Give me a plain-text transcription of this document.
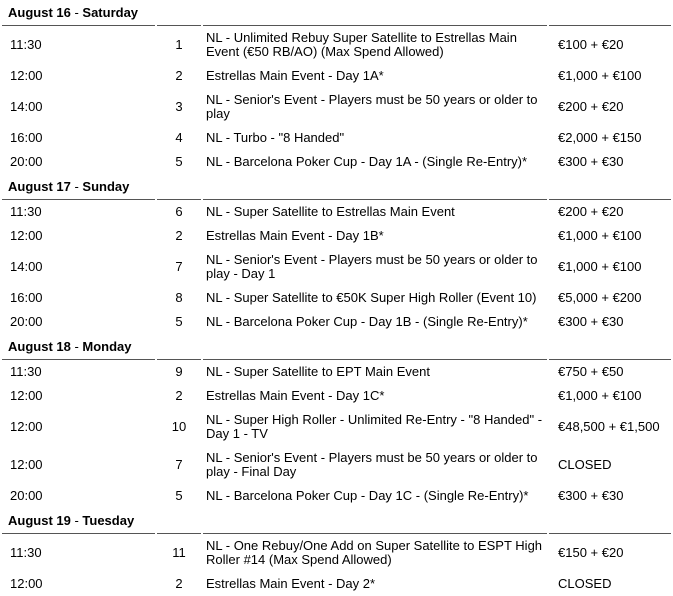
August 16 - Saturday			
11:30	1	NL - Unlimited Rebuy Super Satellite to Estrellas Main Event (€50 RB/AO) (Max Spend Allowed)	€100 + €20
12:00	2	Estrellas Main Event - Day 1A*	€1,000 + €100
14:00	3	NL - Senior's Event - Players must be 50 years or older to play	€200 + €20
16:00	4	NL - Turbo - "8 Handed"	€2,000 + €150
20:00	5	NL - Barcelona Poker Cup - Day 1A - (Single Re-Entry)*	€300 + €30
August 17 - Sunday			
11:30	6	NL - Super Satellite to Estrellas Main Event	€200 + €20
12:00	2	Estrellas Main Event - Day 1B*	€1,000 + €100
14:00	7	NL - Senior's Event - Players must be 50 years or older to play - Day 1	€1,000 + €100
16:00	8	NL - Super Satellite to €50K Super High Roller (Event 10)	€5,000 + €200
20:00	5	NL - Barcelona Poker Cup - Day 1B - (Single Re-Entry)*	€300 + €30
August 18 - Monday			
11:30	9	NL - Super Satellite to EPT Main Event	€750 + €50
12:00	2	Estrellas Main Event - Day 1C*	€1,000 + €100
12:00	10	NL - Super High Roller - Unlimited Re-Entry - "8 Handed" - Day 1 - TV	€48,500 + €1,500
12:00	7	NL - Senior's Event - Players must be 50 years or older to play - Final Day	CLOSED
20:00	5	NL - Barcelona Poker Cup - Day 1C - (Single Re-Entry)*	€300 + €30
August 19 - Tuesday			
11:30	11	NL - One Rebuy/One Add on Super Satellite to ESPT High Roller #14 (Max Spend Allowed)	€150 + €20
12:00	2	Estrellas Main Event - Day 2*	CLOSED
